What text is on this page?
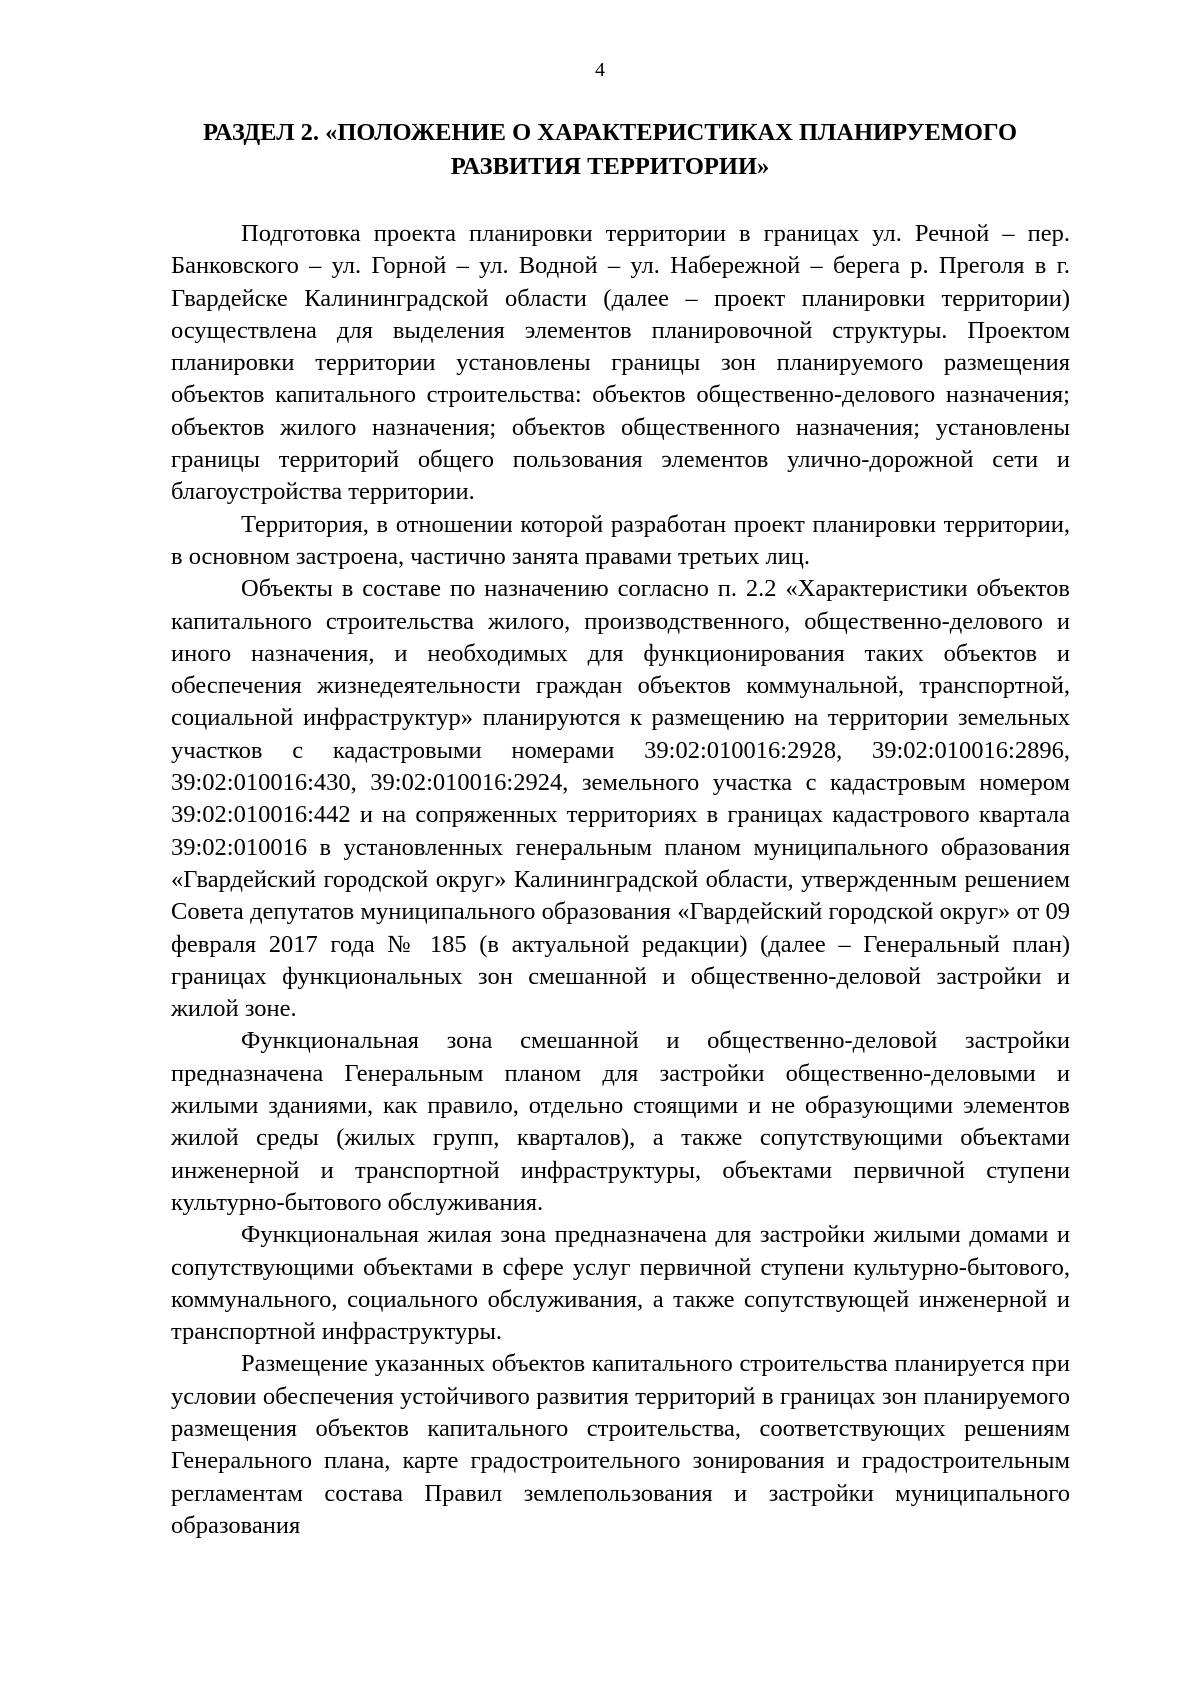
4
РАЗДЕЛ 2. «ПОЛОЖЕНИЕ О ХАРАКТЕРИСТИКАХ ПЛАНИРУЕМОГО
РАЗВИТИЯ ТЕРРИТОРИИ»

Подготовка проекта планировки территории в границах ул. Речной – пер. Банковского – ул. Горной – ул. Водной – ул. Набережной – берега р. Преголя в г. Гвардейске Калининградской области (далее – проект планировки территории) осуществлена для выделения элементов планировочной структуры. Проектом планировки территории установлены границы зон планируемого размещения объектов капитального строительства: объектов общественно-делового назначения; объектов жилого назначения; объектов общественного назначения; установлены границы территорий общего пользования элементов улично-дорожной сети и благоустройства территории.

Территория, в отношении которой разработан проект планировки территории, в основном застроена, частично занята правами третьих лиц.

Объекты в составе по назначению согласно п. 2.2 «Характеристики объектов капитального строительства жилого, производственного, общественно-делового и иного назначения, и необходимых для функционирования таких объектов и обеспечения жизнедеятельности граждан объектов коммунальной, транспортной, социальной инфраструктур» планируются к размещению на территории земельных участков с кадастровыми номерами 39:02:010016:2928, 39:02:010016:2896, 39:02:010016:430, 39:02:010016:2924, земельного участка с кадастровым номером 39:02:010016:442 и на сопряженных территориях в границах кадастрового квартала 39:02:010016 в установленных генеральным планом муниципального образования «Гвардейский городской округ» Калининградской области, утвержденным решением Совета депутатов муниципального образования «Гвардейский городской округ» от 09 февраля 2017 года № 185 (в актуальной редакции) (далее – Генеральный план) границах функциональных зон смешанной и общественно-деловой застройки и жилой зоне.

Функциональная зона смешанной и общественно-деловой застройки предназначена Генеральным планом для застройки общественно-деловыми и жилыми зданиями, как правило, отдельно стоящими и не образующими элементов жилой среды (жилых групп, кварталов), а также сопутствующими объектами инженерной и транспортной инфраструктуры, объектами первичной ступени культурно-бытового обслуживания.

Функциональная жилая зона предназначена для застройки жилыми домами и сопутствующими объектами в сфере услуг первичной ступени культурно-бытового, коммунального, социального обслуживания, а также сопутствующей инженерной и транспортной инфраструктуры.

Размещение указанных объектов капитального строительства планируется при условии обеспечения устойчивого развития территорий в границах зон планируемого размещения объектов капитального строительства, соответствующих решениям Генерального плана, карте градостроительного зонирования и градостроительным регламентам состава Правил землепользования и застройки муниципального образования
